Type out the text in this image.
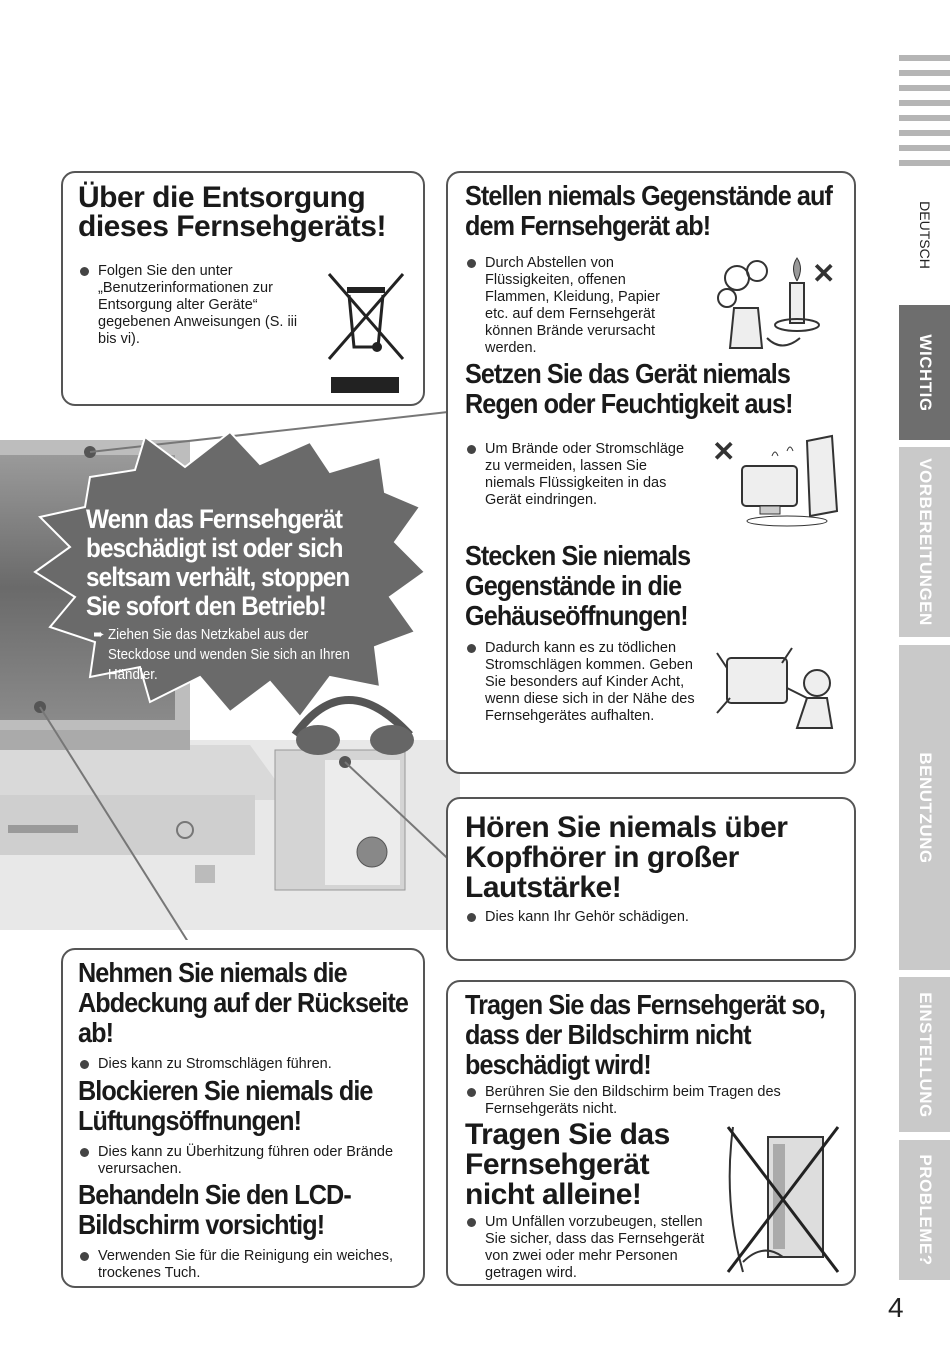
DEUTSCH
WICHTIG
VORBEREITUNGEN
BENUTZUNG
EINSTELLUNG
PROBLEME?
4

Wenn das Fernsehgerät beschädigt ist oder sich seltsam verhält, stoppen Sie sofort den Betrieb!

➨ Ziehen Sie das Netzkabel aus der Steckdose und wenden Sie sich an Ihren Händler.

Über die Entsorgung dieses Fernsehgeräts!

Folgen Sie den unter „Benutzerinformationen zur Entsorgung alter Geräte“ gegebenen Anweisungen (S. iii bis vi).

Stellen niemals Gegenstände auf dem Fernsehgerät ab!

Durch Abstellen von Flüssigkeiten, offenen Flammen, Kleidung, Papier etc. auf dem Fernsehgerät können Brände verursacht werden.

✕

Setzen Sie das Gerät niemals Regen oder Feuchtigkeit aus!

Um Brände oder Stromschläge zu vermeiden, lassen Sie niemals Flüssigkeiten in das Gerät eindringen.

✕

Stecken Sie niemals Gegenstände in die Gehäuseöffnungen!

Dadurch kann es zu tödlichen Stromschlägen kommen. Geben Sie besonders auf Kinder Acht, wenn diese sich in der Nähe des Fernsehgerätes aufhalten.

Hören Sie niemals über Kopfhörer in großer Lautstärke!

Dies kann Ihr Gehör schädigen.

Nehmen Sie niemals die Abdeckung auf der Rückseite ab!

Dies kann zu Stromschlägen führen.

Blockieren Sie niemals die Lüftungsöffnungen!

Dies kann zu Überhitzung führen oder Brände verursachen.

Behandeln Sie den LCD-Bildschirm vorsichtig!

Verwenden Sie für die Reinigung ein weiches, trockenes Tuch.

Tragen Sie das Fernsehgerät so, dass der Bildschirm nicht beschädigt wird!

Berühren Sie den Bildschirm beim Tragen des Fernsehgeräts nicht.

Tragen Sie das Fernsehgerät nicht alleine!

Um Unfällen vorzubeugen, stellen Sie sicher, dass das Fernsehgerät von zwei oder mehr Personen getragen wird.
